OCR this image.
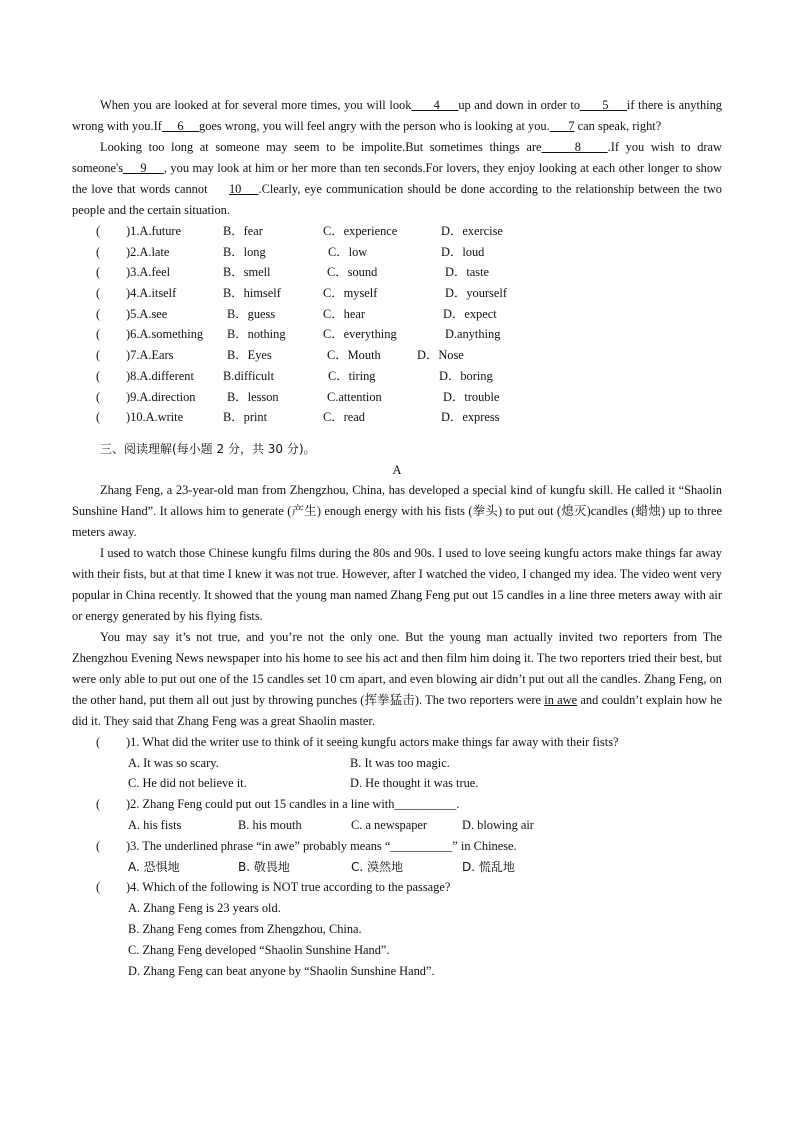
When you are looked at for several more times, you will look 4 up and down in order to 5 if there is anything wrong with you.If 6 goes wrong, you will feel angry with the person who is looking at you. 7 can speak, right?

Looking too long at someone may seem to be impolite.But sometimes things are	8 .If you wish to draw someone's 9 , you may look at him or her more than ten seconds.For lovers, they enjoy looking at each other longer to show the love that words cannot 10 .Clearly, eye communication should be done according to the relationship between the two people and the certain situation.

(	)1.A.future	B．fear	C．experience	D．exercise
(	)2.A.late	B．long	C．low	D．loud
(	)3.A.feel	B．smell	C．sound	D．taste
(	)4.A.itself	B．himself	C．myself	D．yourself
(	)5.A.see	B．guess	C．hear	D．expect
(	)6.A.something	B．nothing	C．everything	D.anything
(	)7.A.Ears	B．Eyes	C．Mouth	D．Nose
(	)8.A.different	B.difficult	C．tiring	D．boring
(	)9.A.direction	B．lesson	C.attention	D．trouble
(	)10.A.write	B．print	C．read	D．express
三、阅读理解(每小题 2 分，共 30 分)。
A

Zhang Feng, a 23-year-old man from Zhengzhou, China, has developed a special kind of kungfu skill. He called it “Shaolin Sunshine Hand”. It allows him to generate (产生) enough energy with his fists (拳头) to put out (熄灭)candles (蜡烛) up to three meters away.

I used to watch those Chinese kungfu films during the 80s and 90s. I used to love seeing kungfu actors make things far away with their fists, but at that time I knew it was not true. However, after I watched the video, I changed my idea. The video went very popular in China recently. It showed that the young man named Zhang Feng put out 15 candles in a line three meters away with air or energy generated by his flying fists.

You may say it’s not true, and you’re not the only one. But the young man actually invited two reporters from The Zhengzhou Evening News newspaper into his home to see his act and then film him doing it. The two reporters tried their best, but were only able to put out one of the 15 candles set 10 cm apart, and even blowing air didn’t put out all the candles. Zhang Feng, on the other hand, put them all out just by throwing punches (挥拳猛击). The two reporters were in awe and couldn’t explain how he did it. They said that Zhang Feng was a great Shaolin master.

( )1. What did the writer use to think of it seeing kungfu actors make things far away with their fists?
A. It was so scary.	B. It was too magic.
C. He did not believe it.	D. He thought it was true.
( )2. Zhang Feng could put out 15 candles in a line with__________.
A. his fists	B. his mouth	C. a newspaper	D. blowing air
( )3. The underlined phrase “in awe” probably means “__________” in Chinese.
A. 恐惧地	B. 敬畏地	C. 漠然地	D. 慌乱地
( )4. Which of the following is NOT true according to the passage?
A. Zhang Feng is 23 years old.
B. Zhang Feng comes from Zhengzhou, China.
C. Zhang Feng developed “Shaolin Sunshine Hand”.
D. Zhang Feng can beat anyone by “Shaolin Sunshine Hand”.
